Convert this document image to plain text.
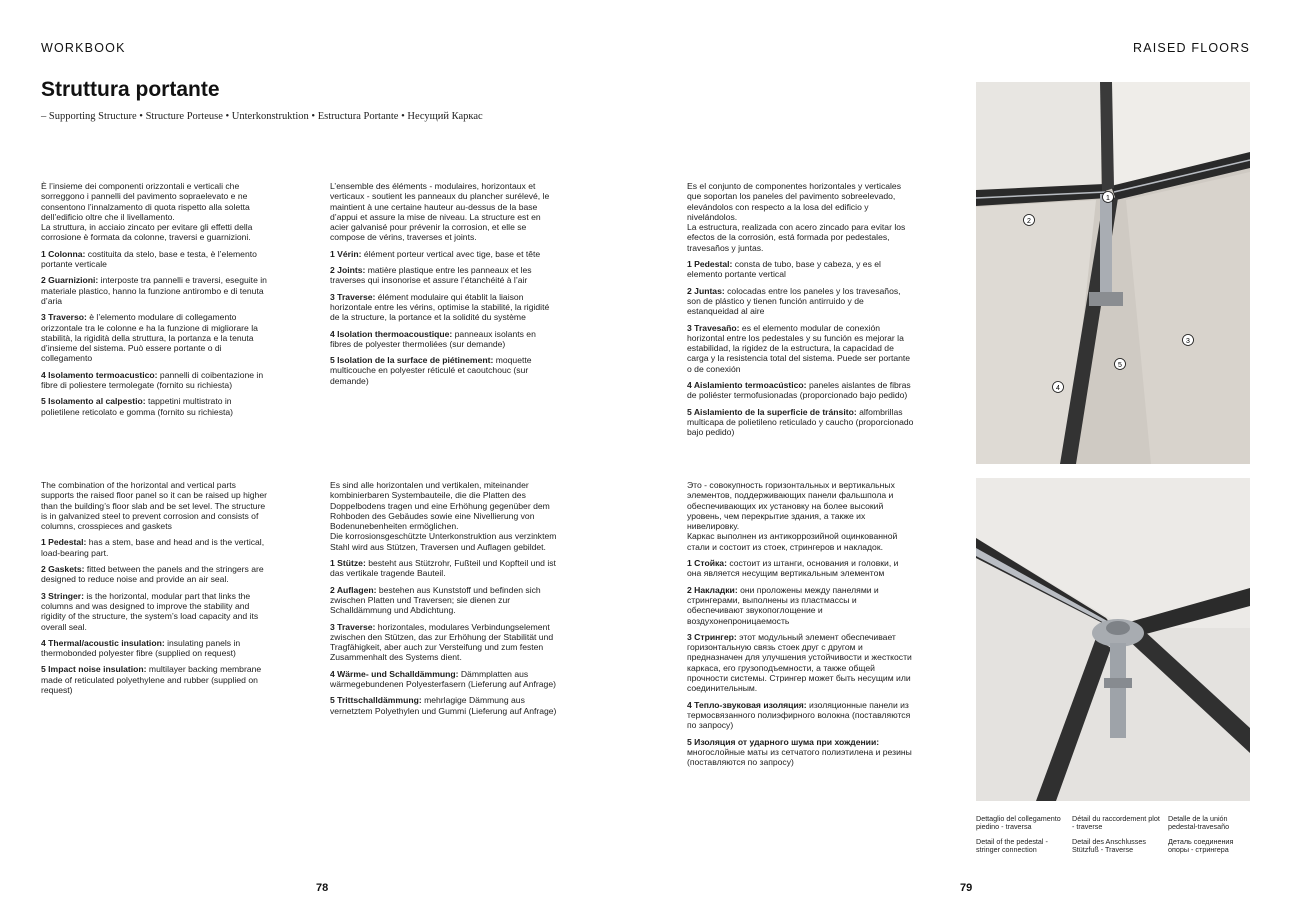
WORKBOOK	RAISED FLOORS
Struttura portante
– Supporting Structure • Structure Porteuse • Unterkonstruktion • Estructura Portante • Несущий Каркас

È l’insieme dei componenti orizzontali e verticali che sorreggono i pannelli del pavimento sopraelevato e ne consentono l’innalzamento di quota rispetto alla soletta dell’edificio oltre che il livellamento.
La struttura, in acciaio zincato per evitare gli effetti della corrosione è formata da colonne, traversi e guarnizioni.

1 Colonna: costituita da stelo, base e testa, è l’elemento portante verticale

2 Guarnizioni: interposte tra pannelli e traversi, eseguite in materiale plastico, hanno la funzione antirombo e di tenuta d’aria

3 Traverso: è l’elemento modulare di collegamento orizzontale tra le colonne e ha la funzione di migliorare la stabilità, la rigidità della struttura, la portanza e la tenuta d’insieme del sistema. Può essere portante o di collegamento

4 Isolamento termoacustico: pannelli di coibentazione in fibre di poliestere termolegate (fornito su richiesta)

5 Isolamento al calpestio: tappetini multistrato in polietilene reticolato e gomma (fornito su richiesta)

L’ensemble des éléments - modulaires, horizontaux et verticaux - soutient les panneaux du plancher surélevé, le maintient à une certaine hauteur au-dessus de la base d’appui et assure la mise de niveau. La structure est en acier galvanisé pour prévenir la corrosion, et elle se compose de vérins, traverses et joints.

1 Vérin: élément porteur vertical avec tige, base et tête

2 Joints: matière plastique entre les panneaux et les traverses qui insonorise et assure l’étanchéité à l’air

3 Traverse: élément modulaire qui établit la liaison horizontale entre les vérins, optimise la stabilité, la rigidité de la structure, la portance et la solidité du système

4 Isolation thermoacoustique: panneaux isolants en fibres de polyester thermoliées (sur demande)

5 Isolation de la surface de piétinement: moquette multicouche en polyester réticulé et caoutchouc (sur demande)

Es el conjunto de componentes horizontales y verticales que soportan los paneles del pavimento sobreelevado, elevándolos con respecto a la losa del edificio y nivelándolos.
La estructura, realizada con acero zincado para evitar los efectos de la corrosión, está formada por pedestales, travesaños y juntas.

1 Pedestal: consta de tubo, base y cabeza, y es el elemento portante vertical

2 Juntas: colocadas entre los paneles y los travesaños, son de plástico y tienen función antirruido y de estanqueidad al aire

3 Travesaño: es el elemento modular de conexión horizontal entre los pedestales y su función es mejorar la estabilidad, la rigidez de la estructura, la capacidad de carga y la resistencia total del sistema. Puede ser portante o de conexión

4 Aislamiento termoacústico: paneles aislantes de fibras de poliéster termofusionadas (proporcionado bajo pedido)

5 Aislamiento de la superficie de tránsito: alfombrillas multicapa de polietileno reticulado y caucho (proporcionado bajo pedido)

The combination of the horizontal and vertical parts supports the raised floor panel so it can be raised up higher than the building’s floor slab and be set level. The structure is in galvanized steel to prevent corrosion and consists of columns, crosspieces and gaskets

1 Pedestal: has a stem, base and head and is the vertical, load-bearing part.

2 Gaskets: fitted between the panels and the stringers are designed to reduce noise and provide an air seal.

3 Stringer: is the horizontal, modular part that links the columns and was designed to improve the stability and rigidity of the structure, the system’s load capacity and its overall seal.

4 Thermal/acoustic insulation: insulating panels in thermobonded polyester fibre (supplied on request)

5 Impact noise insulation: multilayer backing membrane made of reticulated polyethylene and rubber (supplied on request)

Es sind alle horizontalen und vertikalen, miteinander kombinierbaren Systembauteile, die die Platten des Doppelbodens tragen und eine Erhöhung gegenüber dem Rohboden des Gebäudes sowie eine Nivellierung von Bodenunebenheiten ermöglichen.
Die korrosionsgeschützte Unterkonstruktion aus verzinktem Stahl wird aus Stützen, Traversen und Auflagen gebildet.

1 Stütze: besteht aus Stützrohr, Fußteil und Kopfteil und ist das vertikale tragende Bauteil.

2 Auflagen: bestehen aus Kunststoff und befinden sich zwischen Platten und Traversen; sie dienen zur Schalldämmung und Abdichtung.

3 Traverse: horizontales, modulares Verbindungselement zwischen den Stützen, das zur Erhöhung der Stabilität und Tragfähigkeit, aber auch zur Versteifung und zum festen Zusammenhalt des Systems dient.

4 Wärme- und Schalldämmung: Dämmplatten aus wärmegebundenen Polyesterfasern (Lieferung auf Anfrage)

5 Trittschalldämmung: mehrlagige Dämmung aus vernetztem Polyethylen und Gummi (Lieferung auf Anfrage)

Это - совокупность горизонтальных и вертикальных элементов, поддерживающих панели фальшпола и обеспечивающих их установку на более высокий уровень, чем перекрытие здания, а также их нивелировку.
Каркас выполнен из антикоррозийной оцинкованной стали и состоит из стоек, стрингеров и накладок.

1 Стойка: состоит из штанги, основания и головки, и она является несущим вертикальным элементом

2 Накладки: они проложены между панелями и стрингерами, выполнены из пластмассы и обеспечивают звукопоглощение и воздухонепроницаемость

3 Стрингер: этот модульный элемент обеспечивает горизонтальную связь стоек друг с другом и предназначен для улучшения устойчивости и жесткости каркаса, его грузоподъемности, а также общей прочности системы. Стрингер может быть несущим или соединительным.

4 Тепло-звуковая изоляция: изоляционные панели из термосвязанного полиэфирного волокна (поставляются по запросу)

5 Изоляция от ударного шума при хождении: многослойные маты из сетчатого полиэтилена и резины (поставляются по запросу)

1
2
3
4
5

Dettaglio del collegamento piedino - traversa

Detail of the pedestal - stringer connection

Détail du raccordement plot - traverse

Detail des Anschlusses Stützfuß - Traverse

Detalle de la unión pedestal-travesaño

Деталь соединения опоры - стрингера

78	79
